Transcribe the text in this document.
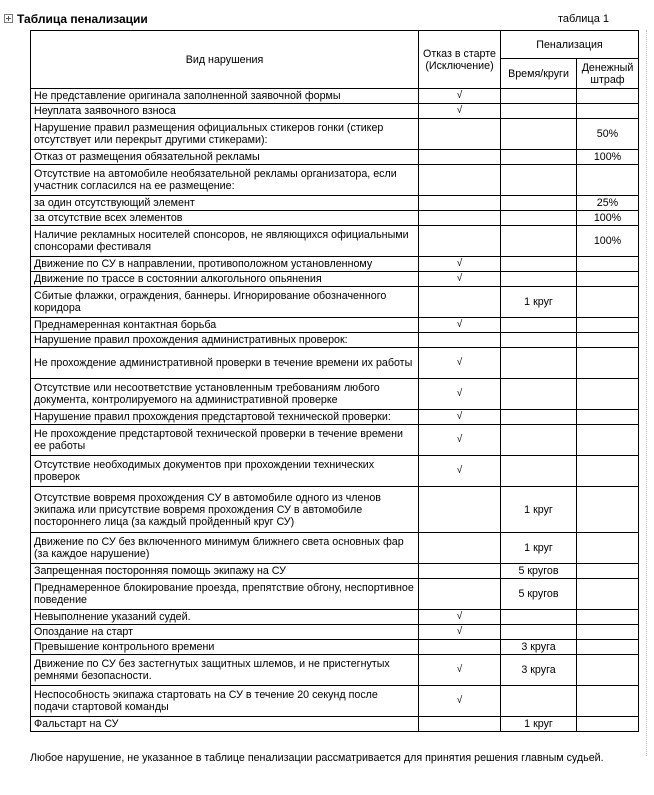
Таблица пенализации	таблица 1
Вид нарушения	Отказ в старте (Исключение)	Пенализация	
		Время/круги	Денежный штраф
Не представление оригинала заполненной заявочной формы	√		
Неуплата заявочного взноса	√		
Нарушение правил размещения официальных стикеров гонки (стикер отсутствует или перекрыт другими стикерами):			50%
Отказ от размещения обязательной рекламы			100%
Отсутствие на автомобиле необязательной рекламы организатора, если участник согласился на ее размещение:			
за один отсутствующий элемент			25%
за отсутствие всех элементов			100%
Наличие рекламных носителей спонсоров, не являющихся официальными спонсорами фестиваля			100%
Движение по СУ в направлении, противоположном установленному	√		
Движение по трассе в состоянии алкогольного опьянения	√		
Сбитые флажки, ограждения, баннеры. Игнорирование обозначенного коридора		1 круг	
Преднамеренная контактная борьба	√		
Нарушение правил прохождения административных проверок:			
Не прохождение административной проверки в течение времени их работы	√		
Отсутствие или несоответствие установленным требованиям любого документа, контролируемого на административной проверке	√		
Нарушение правил прохождения предстартовой технической проверки:	√		
Не прохождение предстартовой технической проверки в течение времени ее работы	√		
Отсутствие необходимых документов при прохождении технических проверок	√		
Отсутствие вовремя прохождения СУ в автомобиле одного из членов экипажа или присутствие вовремя прохождения СУ в автомобиле постороннего лица (за каждый пройденный круг СУ)		1 круг	
Движение по СУ без включенного минимум ближнего света основных фар (за каждое нарушение)		1 круг	
Запрещенная посторонняя помощь экипажу на СУ		5 кругов	
Преднамеренное блокирование проезда, препятствие обгону, неспортивное поведение		5 кругов	
Невыполнение указаний судей.	√		
Опоздание на старт	√		
Превышение контрольного времени		3 круга	
Движение по СУ без застегнутых защитных шлемов, и не пристегнутых ремнями безопасности.	√	3 круга	
Неспособность экипажа стартовать на СУ в течение 20 секунд после подачи стартовой команды	√		
Фальстарт на СУ		1 круг	
Любое нарушение, не указанное в таблице пенализации рассматривается для принятия решения главным судьей.
